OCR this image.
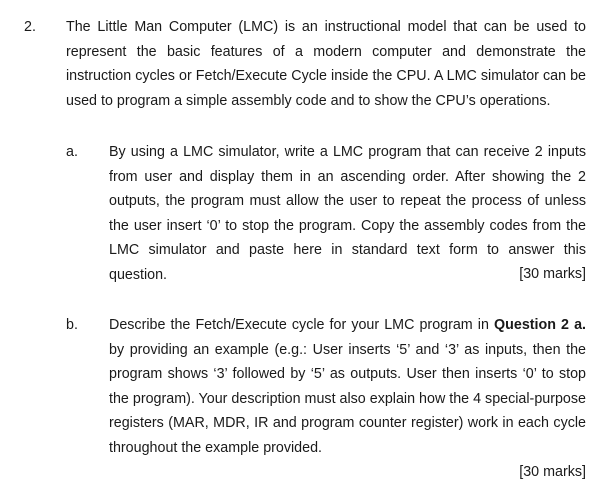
2. The Little Man Computer (LMC) is an instructional model that can be used to represent the basic features of a modern computer and demonstrate the instruction cycles or Fetch/Execute Cycle inside the CPU. A LMC simulator can be used to program a simple assembly code and to show the CPU’s operations.
a. By using a LMC simulator, write a LMC program that can receive 2 inputs from user and display them in an ascending order. After showing the 2 outputs, the program must allow the user to repeat the process of unless the user insert ‘0’ to stop the program. Copy the assembly codes from the LMC simulator and paste here in standard text form to answer this question.	[30 marks]
b. Describe the Fetch/Execute cycle for your LMC program in Question 2 a. by providing an example (e.g.: User inserts ‘5’ and ‘3’ as inputs, then the program shows ‘3’ followed by ‘5’ as outputs. User then inserts ‘0’ to stop the program). Your description must also explain how the 4 special-purpose registers (MAR, MDR, IR and program counter register) work in each cycle throughout the example provided.
[30 marks]
